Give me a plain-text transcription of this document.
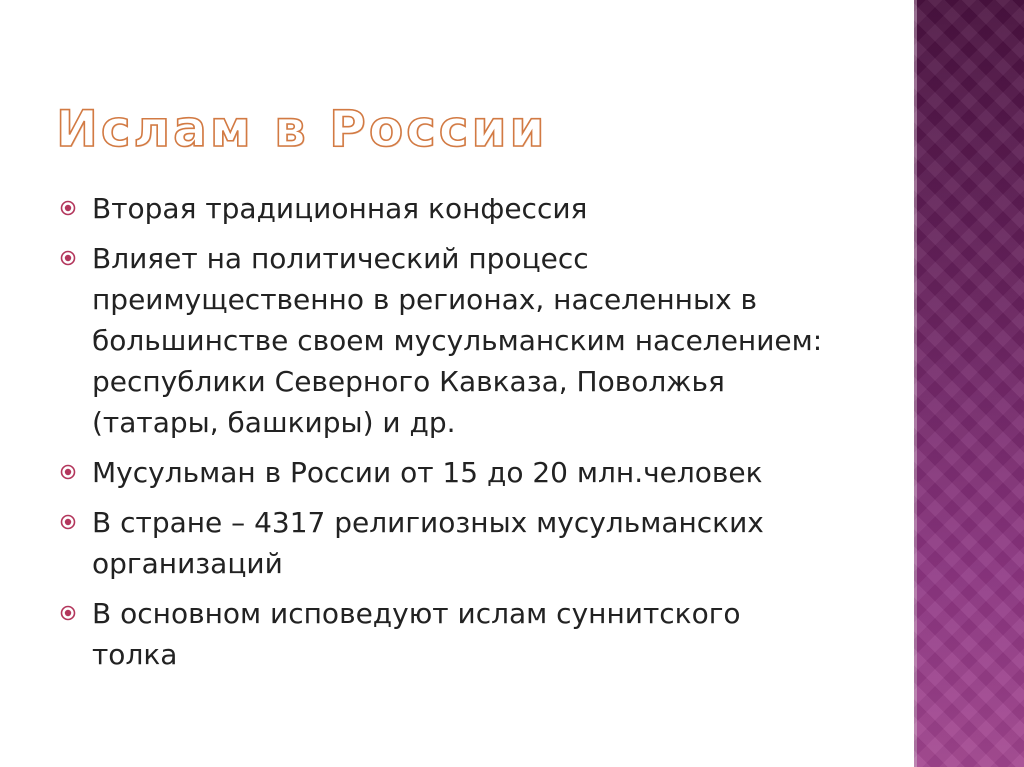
Ислам в России
Вторая традиционная конфессия
Влияет на политический процесс преимущественно в регионах, населенных в большинстве своем мусульманским населением: республики Северного Кавказа, Поволжья (татары, башкиры) и др.
Мусульман в России от 15 до 20 млн.человек
В стране – 4317 религиозных мусульманских организаций
В основном исповедуют ислам суннитского толка
